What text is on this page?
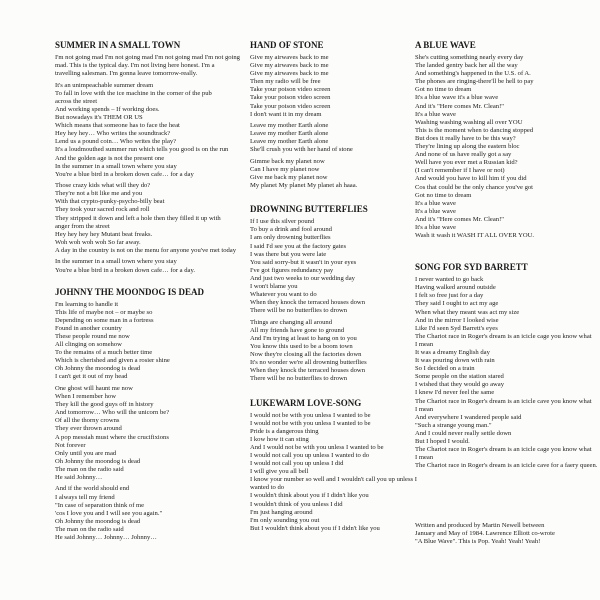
SUMMER IN A SMALL TOWN
I'm not going mad I'm not going mad I'm not going mad I'm not going
mad. This is the typical day. I'm not living here honest. I'm a
travelling salesman. I'm gonna leave tomorrow-really.
It's an unimpeachable summer dream
To fall in love with the ice machine in the corner of the pub
across the street
And working spends – If working does.
But nowadays it's THEM OR US
Which means that someone has to face the heat
Hey hey hey… Who writes the soundtrack?
Lend us a pound coin… Who writes the play?
It's a loudmouthed summer run which tells you good is on the run
And the golden age is not the present one
In the summer in a small town where you stay
You're a blue bird in a broken down cafe… for a day
Those crazy kids what will they do?
They're not a bit like me and you
With that crypto-punky-psycho-billy beat
They took your sacred rock and roll
They stripped it down and left a hole then they filled it up with
anger from the street
Hey hey hey hey Mutant beat freaks.
Woh woh woh woh So far away.
A day in the country is not on the menu for anyone you've met today
In the summer in a small town where you stay
You're a blue bird in a broken down cafe… for a day.
JOHNNY THE MOONDOG IS DEAD
I'm learning to handle it
This life of maybe not – or maybe so
Depending on some man in a fortress
Found in another country
These people round me now
All clinging on somehow
To the remains of a much better time
Which is cherished and given a rosier shine
Oh Johnny the moondog is dead
I can't get it out of my head
One ghost will haunt me now
When I remember how
They kill the good guys off in history
And tomorrow… Who will the unicorn be?
Of all the thorny crowns
They ever thrown around
A pop messiah must where the crucifixions
Not forever
Only until you are mad
Oh Johnny the moondog is dead
The man on the radio said
He said Johnny…
And if the world should end
I always tell my friend
"In case of separation think of me
'cos I love you and I will see you again."
Oh Johnny the moondog is dead
The man on the radio said
He said Johnny… Johnny… Johnny…
HAND OF STONE
Give my airwaves back to me
Give my airwaves back to me
Give my airwaves back to me
Then my radio will be free
Take your poison video screen
Take your poison video screen
Take your poison video screen
I don't want it in my dream
Leave my mother Earth alone
Leave my mother Earth alone
Leave my mother Earth alone
She'll crush you with her hand of stone
Gimme back my planet now
Can I have my planet now
Give me back my planet now
My planet My planet My planet ah haaa.
DROWNING BUTTERFLIES
If I use this silver pound
To buy a drink and fool around
I am only drowning butterflies
I said I'd see you at the factory gates
I was there but you were late
You said sorry-but it wasn't in your eyes
I've got figures redundancy pay
And just two weeks to our wedding day
I won't blame you
Whatever you want to do
When they knock the terraced houses down
There will be no butterflies to drown
Things are changing all around
All my friends have gone to ground
And I'm trying at least to hang on to you
You know this used to be a boom town
Now they're closing all the factories down
It's no wonder we're all drowning butterflies
When they knock the terraced houses down
There will be no butterflies to drown
LUKEWARM LOVE-SONG
I would not be with you unless I wanted to be
I would not be with you unless I wanted to be
Pride is a dangerous thing
I kow how it can sting
And I would not be with you unless I wanted to be
I would not call you up unless I wanted to do
I would not call you up unless I did
I will give you all bell
I know your number so well and I wouldn't call you up unless I
wanted to do
I wouldn't think about you if I didn't like you
I wouldn't think of you unless I did
I'm just hanging around
I'm only sounding you out
But I wouldn't think about you if I didn't like you
A BLUE WAVE
She's cutting something nearly every day
The landed gentry back her all the way
And something's happened in the U.S. of A.
The phones are ringing-there'll be hell to pay
Got no time to dream
It's a blue wave it's a blue wave
And it's "Here comes Mr. Clean!"
It's a blue wave
Washing washing washing all over YOU
This is the moment when to dancing stopped
But does it really have to be this way?
They're lining up along the eastern bloc
And none of us have really got a say
Well have you ever met a Russian kid?
(I can't remember if I have or not)
And would you have to kill him if you did
Cos that could be the only chance you've got
Got no time to dream
It's a blue wave
It's a blue wave
And it's "Here comes Mr. Clean!"
It's a blue wave
Wash it wash it WASH IT ALL OVER YOU.
SONG FOR SYD BARRETT
I never wanted to go back
Having walked around outside
I felt so free just for a day
They said I ought to act my age
When what they meant was act my size
And in the mirror I looked wise
Like I'd seen Syd Barrett's eyes
The Chariot race in Roger's dream is an icicle cage you know what
I mean
It was a dreamy English day
It was pouring down with rain
So I decided on a train
Some people on the station stared
I wished that they would go away
I knew I'd never feel the same
The Chariot race in Roger's dream is an icicle cave you know what
I mean
And everywhere I wandered people said
"Such a strange young man."
And I could never really settle down
But I hoped I would.
The Chariot race in Roger's dream is an icicle cage you know what
I mean
The Chariot race in Roger's dream is an icicle cave for a faery queen.
Written and produced by Martin Newell between
January and May of 1984. Lawrence Elliott co-wrote
"A Blue Wave". This is Pop. Yeah! Yeah! Yeah!
